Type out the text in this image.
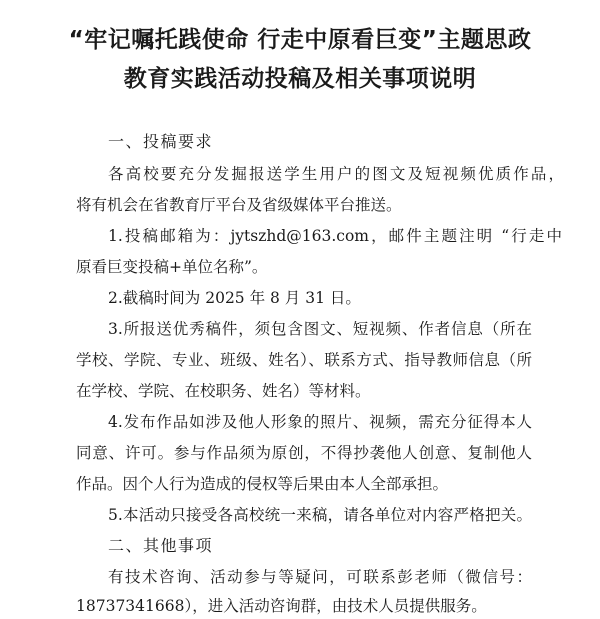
“牢记嘱托践使命 行走中原看巨变”主题思政
教育实践活动投稿及相关事项说明
一、投稿要求
各高校要充分发掘报送学生用户的图文及短视频优质作品，
将有机会在省教育厅平台及省级媒体平台推送。
1.投稿邮箱为：jytszhd@163.com，邮件主题注明 “行走中
原看巨变投稿+单位名称”。
2.截稿时间为 2025 年 8 月 31 日。
3.所报送优秀稿件，须包含图文、短视频、作者信息（所在
学校、学院、专业、班级、姓名）、联系方式、指导教师信息（所
在学校、学院、在校职务、姓名）等材料。
4.发布作品如涉及他人形象的照片、视频，需充分征得本人
同意、许可。参与作品须为原创，不得抄袭他人创意、复制他人
作品。因个人行为造成的侵权等后果由本人全部承担。
5.本活动只接受各高校统一来稿，请各单位对内容严格把关。
二、其他事项
有技术咨询、活动参与等疑问，可联系彭老师（微信号：
18737341668），进入活动咨询群，由技术人员提供服务。
